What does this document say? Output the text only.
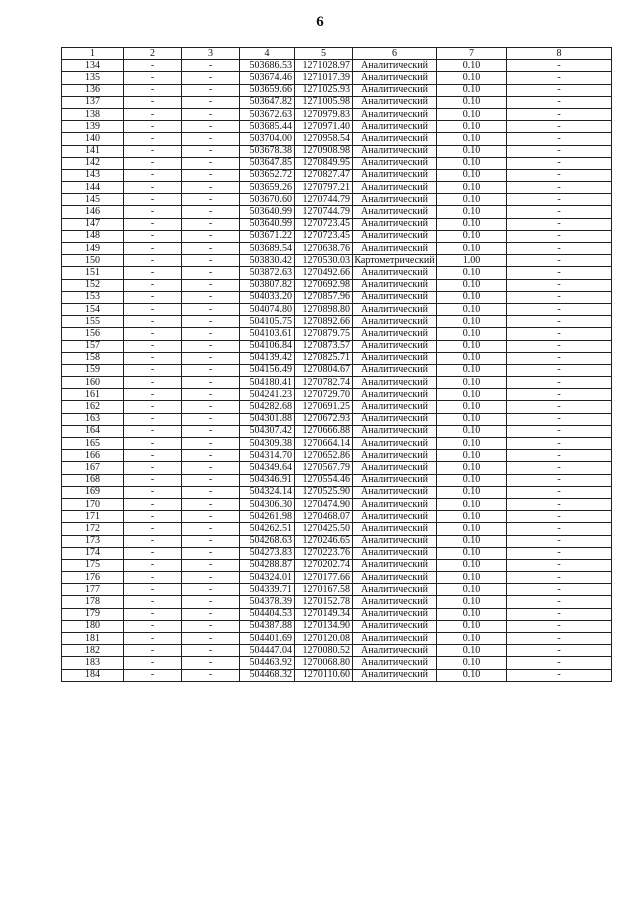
6
1	2	3	4	5	6	7	8
134	-	-	503686.53	1271028.97	Аналитический	0.10	-
135	-	-	503674.46	1271017.39	Аналитический	0.10	-
136	-	-	503659.66	1271025.93	Аналитический	0.10	-
137	-	-	503647.82	1271005.98	Аналитический	0.10	-
138	-	-	503672.63	1270979.83	Аналитический	0.10	-
139	-	-	503685.44	1270971.40	Аналитический	0.10	-
140	-	-	503704.00	1270958.54	Аналитический	0.10	-
141	-	-	503678.38	1270908.98	Аналитический	0.10	-
142	-	-	503647.85	1270849.95	Аналитический	0.10	-
143	-	-	503652.72	1270827.47	Аналитический	0.10	-
144	-	-	503659.26	1270797.21	Аналитический	0.10	-
145	-	-	503670.60	1270744.79	Аналитический	0.10	-
146	-	-	503640.99	1270744.79	Аналитический	0.10	-
147	-	-	503640.99	1270723.45	Аналитический	0.10	-
148	-	-	503671.22	1270723.45	Аналитический	0.10	-
149	-	-	503689.54	1270638.76	Аналитический	0.10	-
150	-	-	503830.42	1270530.03	Картометрический	1.00	-
151	-	-	503872.63	1270492.66	Аналитический	0.10	-
152	-	-	503807.82	1270692.98	Аналитический	0.10	-
153	-	-	504033.20	1270857.96	Аналитический	0.10	-
154	-	-	504074.80	1270898.80	Аналитический	0.10	-
155	-	-	504105.75	1270892.66	Аналитический	0.10	-
156	-	-	504103.61	1270879.75	Аналитический	0.10	-
157	-	-	504106.84	1270873.57	Аналитический	0.10	-
158	-	-	504139.42	1270825.71	Аналитический	0.10	-
159	-	-	504156.49	1270804.67	Аналитический	0.10	-
160	-	-	504180.41	1270782.74	Аналитический	0.10	-
161	-	-	504241.23	1270729.70	Аналитический	0.10	-
162	-	-	504282.68	1270691.25	Аналитический	0.10	-
163	-	-	504301.88	1270672.93	Аналитический	0.10	-
164	-	-	504307.42	1270666.88	Аналитический	0.10	-
165	-	-	504309.38	1270664.14	Аналитический	0.10	-
166	-	-	504314.70	1270652.86	Аналитический	0.10	-
167	-	-	504349.64	1270567.79	Аналитический	0.10	-
168	-	-	504346.91	1270554.46	Аналитический	0.10	-
169	-	-	504324.14	1270525.90	Аналитический	0.10	-
170	-	-	504306.30	1270474.90	Аналитический	0.10	-
171	-	-	504261.98	1270468.07	Аналитический	0.10	-
172	-	-	504262.51	1270425.50	Аналитический	0.10	-
173	-	-	504268.63	1270246.65	Аналитический	0.10	-
174	-	-	504273.83	1270223.76	Аналитический	0.10	-
175	-	-	504288.87	1270202.74	Аналитический	0.10	-
176	-	-	504324.01	1270177.66	Аналитический	0.10	-
177	-	-	504339.71	1270167.58	Аналитический	0.10	-
178	-	-	504378.39	1270152.78	Аналитический	0.10	-
179	-	-	504404.53	1270149.34	Аналитический	0.10	-
180	-	-	504387.88	1270134.90	Аналитический	0.10	-
181	-	-	504401.69	1270120.08	Аналитический	0.10	-
182	-	-	504447.04	1270080.52	Аналитический	0.10	-
183	-	-	504463.92	1270068.80	Аналитический	0.10	-
184	-	-	504468.32	1270110.60	Аналитический	0.10	-
